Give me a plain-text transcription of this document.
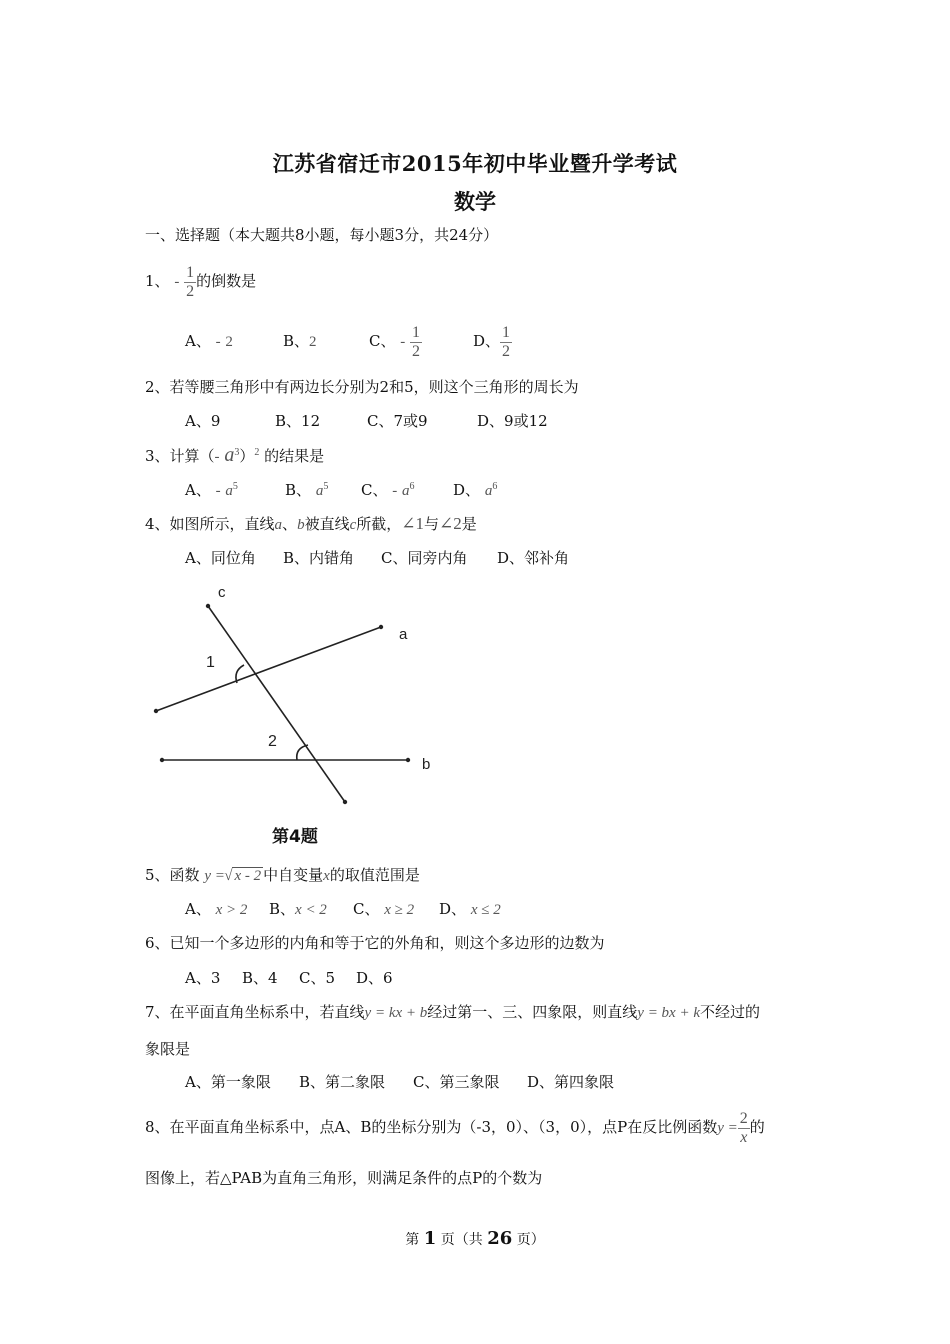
江苏省宿迁市2015年初中毕业暨升学考试
数学
一、选择题（本大题共8小题，每小题3分，共24分）
1、 - $\frac{1}{2}$ 的倒数是
A、 - 2	B、2	C、 - $\frac{1}{2}$	D、 $\frac{1}{2}$
2、若等腰三角形中有两边长分别为2和5，则这个三角形的周长为
A、9	B、12	C、7或9	D、9或12
3、计算（- $a^3)^2$ 的结果是
A、 - $a^5$	B、 $a^5$ C、 - $a^6$	D、 $a^6$
4、如图所示，直线a、b被直线c所截，∠1与∠2是
A、同位角 B、内错角 C、同旁内角 D、邻补角
c
a
b
1
2
第4题
5、函数 y =√ x - 2 中自变量x的取值范围是
A、 x > 2 B、x < 2 C、 x ≥ 2 D、 x ≤ 2
6、已知一个多边形的内角和等于它的外角和，则这个多边形的边数为
A、3 B、4 C、5 D、6
7、在平面直角坐标系中，若直线y = kx + b经过第一、三、四象限，则直线y = bx + k不经过的
象限是
A、第一象限 B、第二象限 C、第三象限 D、第四象限
8、在平面直角坐标系中，点A、B的坐标分别为（-3，0）、（3，0），点P在反比例函数$y = \frac{2}{x}$ 的
图像上，若△PAB为直角三角形，则满足条件的点P的个数为
第 1 页（共 26 页）
